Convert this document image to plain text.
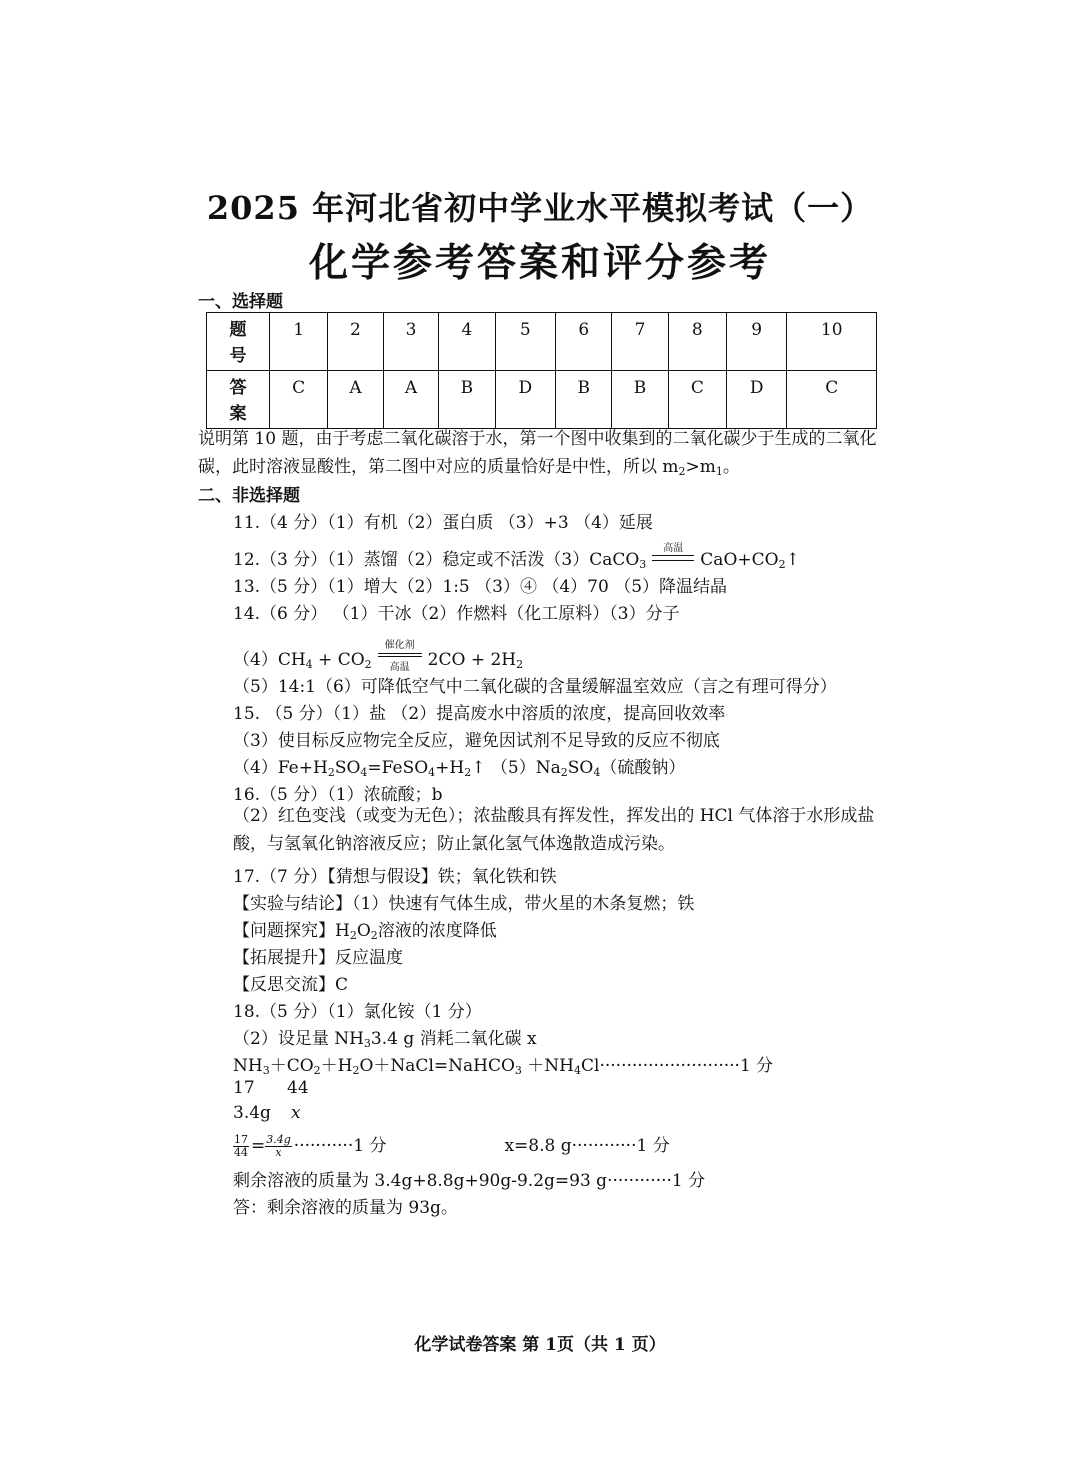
2025 年河北省初中学业水平模拟考试（一）
化学参考答案和评分参考
一、选择题
题号	1	2	3	4	5	6	7	8	9	10
答案	C	A	A	B	D	B	B	C	D	C
说明第 10 题，由于考虑二氧化碳溶于水，第一个图中收集到的二氧化碳少于生成的二氧化碳，此时溶液显酸性，第二图中对应的质量恰好是中性，所以 $m_2>m_1$。
二、非选择题
11.（4 分）（1）有机（2）蛋白质 （3）+3 （4）延展
12.（3 分）（1）蒸馏（2）稳定或不活泼（3）CaCO$_3$
高温
$CaO+CO_2↑$
13.（5 分）（1）增大（2）1:5 （3）④ （4）70 （5）降温结晶
14.（6 分） （1）干冰（2）作燃料（化工原料）（3）分子
$(4)CH_4 + CO_2$
催化剂
高温	$2CO + 2H_2$
（5）14:1（6）可降低空气中二氧化碳的含量缓解温室效应（言之有理可得分）
15. （5 分）（1）盐 （2）提高废水中溶质的浓度，提高回收效率
（3）使目标反应物完全反应，避免因试剂不足导致的反应不彻底
$(4)Fe+H_2SO_4=FeSO_4+H_2↑$ $(5)Na_2SO_4$（硫酸钠）
16.（5 分）（1）浓硫酸；b
（2）红色变浅（或变为无色）；浓盐酸具有挥发性，挥发出的 HCl 气体溶于水形成盐酸，与氢氧化钠溶液反应；防止氯化氢气体逸散造成污染。
17.（7 分）【猜想与假设】铁；氧化铁和铁
【实验与结论】（1）快速有气体生成，带火星的木条复燃；铁
【问题探究】$H_2O_2$溶液的浓度降低
【拓展提升】反应温度
【反思交流】C
18.（5 分）（1）氯化铵（1 分）
（2）设足量 $NH_33.4$ g 消耗二氧化碳 x
$NH_3+CO_2+H_2O+NaCl=NaHCO_3 +NH_4Cl\cdot\cdot\cdot\cdot\cdot\cdot\cdot\cdot\cdot\cdot\cdot\cdot\cdot\cdot\cdot\cdot\cdot\cdot\cdot\cdot\cdot\cdot\cdot\cdot\cdot\cdot 1$ 分
17 44
3.4g x
$\frac{17}{44} = \frac{3.4g}{x} \cdot\cdot\cdot\cdot\cdot\cdot\cdot\cdot\cdot\cdot\cdot 1$ 分	x=8.8 g············1 分
剩余溶液的质量为 3.4g+8.8g+90g-9.2g=93 g············1 分
答：剩余溶液的质量为 93g。
化学试卷答案 第 1页（共 1 页）
